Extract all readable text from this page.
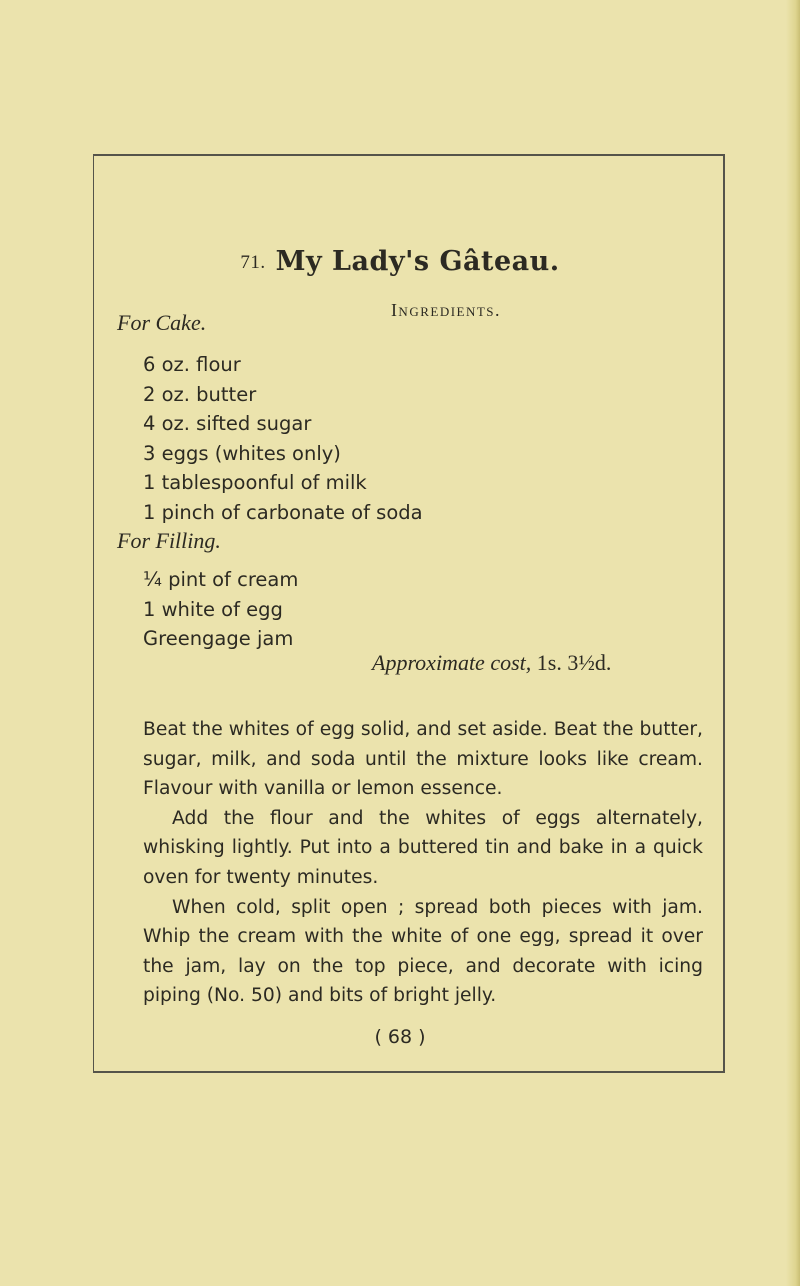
71. My Lady's Gâteau.
Ingredients.
For Cake.
6 oz. flour
2 oz. butter
4 oz. sifted sugar
3 eggs (whites only)
1 tablespoonful of milk
1 pinch of carbonate of soda
For Filling.
¼ pint of cream
1 white of egg
Greengage jam
Approximate cost, 1s. 3½d.

Beat the whites of egg solid, and set aside. Beat the butter, sugar, milk, and soda until the mixture looks like cream. Flavour with vanilla or lemon essence.

Add the flour and the whites of eggs alternately, whisking lightly. Put into a buttered tin and bake in a quick oven for twenty minutes.

When cold, split open ; spread both pieces with jam. Whip the cream with the white of one egg, spread it over the jam, lay on the top piece, and decorate with icing piping (No. 50) and bits of bright jelly.

( 68 )
